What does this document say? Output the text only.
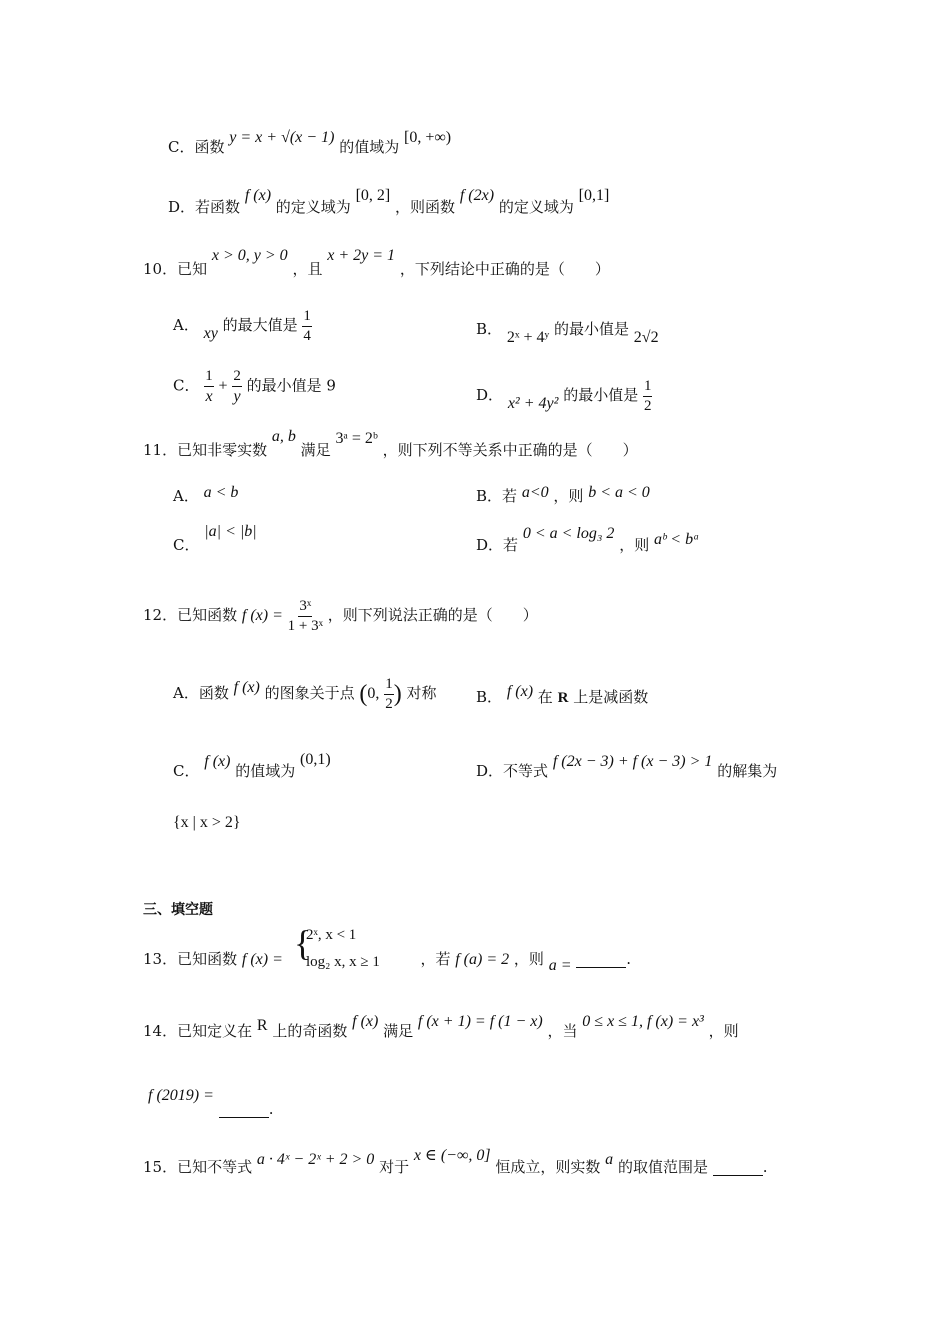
C．函数 y = x + √(x − 1) 的值域为 [0, +∞)
D．若函数 f (x) 的定义域为 [0, 2] ，则函数 f (2x) 的定义域为 [0,1]
10．已知 x > 0, y > 0 ，且 x + 2y = 1 ，下列结论中正确的是（　　）
A． xy 的最大值是 $\frac{1}{4}$	B． 2ˣ + 4ʸ 的最小值是 2√2
C． $\frac{1}{x} + \frac{2}{y}$ 的最小值是 9
D． x² + 4y² 的最小值是 $\frac{1}{2}$
11．已知非零实数 a, b 满足 3ᵃ = 2ᵇ ，则下列不等关系中正确的是（　　）
A． a < b	B．若 a<0 ，则 b < a < 0
C． |a| < |b|
D．若 0 < a < log₃ 2 ，则 aᵇ < bᵃ
12．已知函数 f $(x) = \frac{\text{3ˣ}}{\text{1 + 3ˣ}}$ ，则下列说法正确的是（　　）
A．函数 f (x) 的图象关于点 (0, $\frac{1}{2}$ ) 对称	B． f (x) 在 R 上是减函数
C． f (x) 的值域为 (0,1)
D．不等式 f (2x − 3) + f (x − 3) > 1 的解集为
{x | x > 2}
三、填空题
13．已知函数 f (x) =	，若 f (a) = 2 ，则 a =	.
{
2ˣ, x < 1
log₂ x, x ≥ 1
14．已知定义在 R 上的奇函数 f (x) 满足 f (x + 1) = f (1 − x) ，当 0 ≤ x ≤ 1, f (x) = x³ ，则
f (2019) = .
15．已知不等式 a · 4ˣ − 2ˣ + 2 > 0 对于 x ∈ (−∞, 0] 恒成立，则实数 a 的取值范围是	.
